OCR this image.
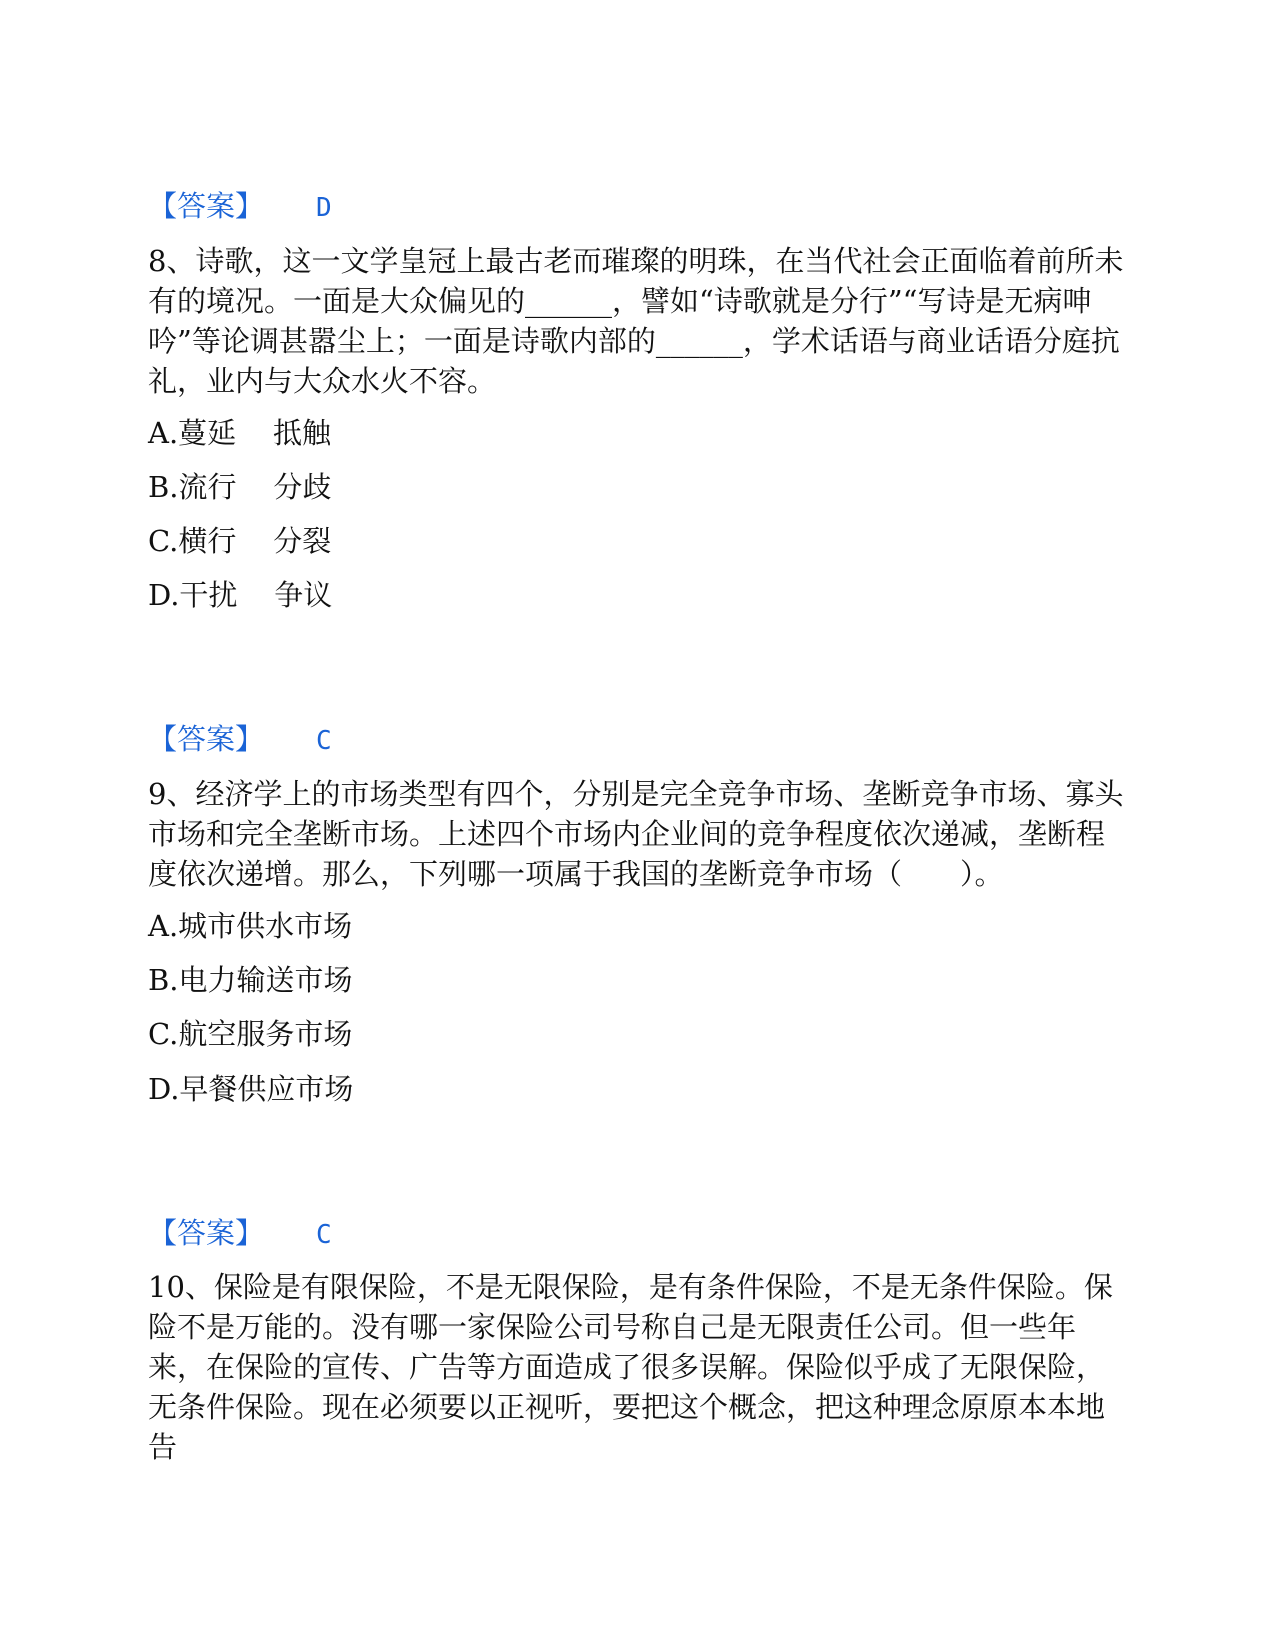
【答案】 D
8、诗歌，这一文学皇冠上最古老而璀璨的明珠，在当代社会正面临着前所未有的境况。一面是大众偏见的______，譬如“诗歌就是分行”“写诗是无病呻吟”等论调甚嚣尘上；一面是诗歌内部的______，学术话语与商业话语分庭抗礼，业内与大众水火不容。
A.蔓延    抵触
B.流行    分歧
C.横行    分裂
D.干扰    争议
【答案】 C
9、经济学上的市场类型有四个，分别是完全竞争市场、垄断竞争市场、寡头市场和完全垄断市场。上述四个市场内企业间的竞争程度依次递减，垄断程度依次递增。那么，下列哪一项属于我国的垄断竞争市场（　　）。
A.城市供水市场
B.电力输送市场
C.航空服务市场
D.早餐供应市场
【答案】 C
10、保险是有限保险，不是无限保险，是有条件保险，不是无条件保险。保险不是万能的。没有哪一家保险公司号称自己是无限责任公司。但一些年来，在保险的宣传、广告等方面造成了很多误解。保险似乎成了无限保险，无条件保险。现在必须要以正视听，要把这个概念，把这种理念原原本本地告
